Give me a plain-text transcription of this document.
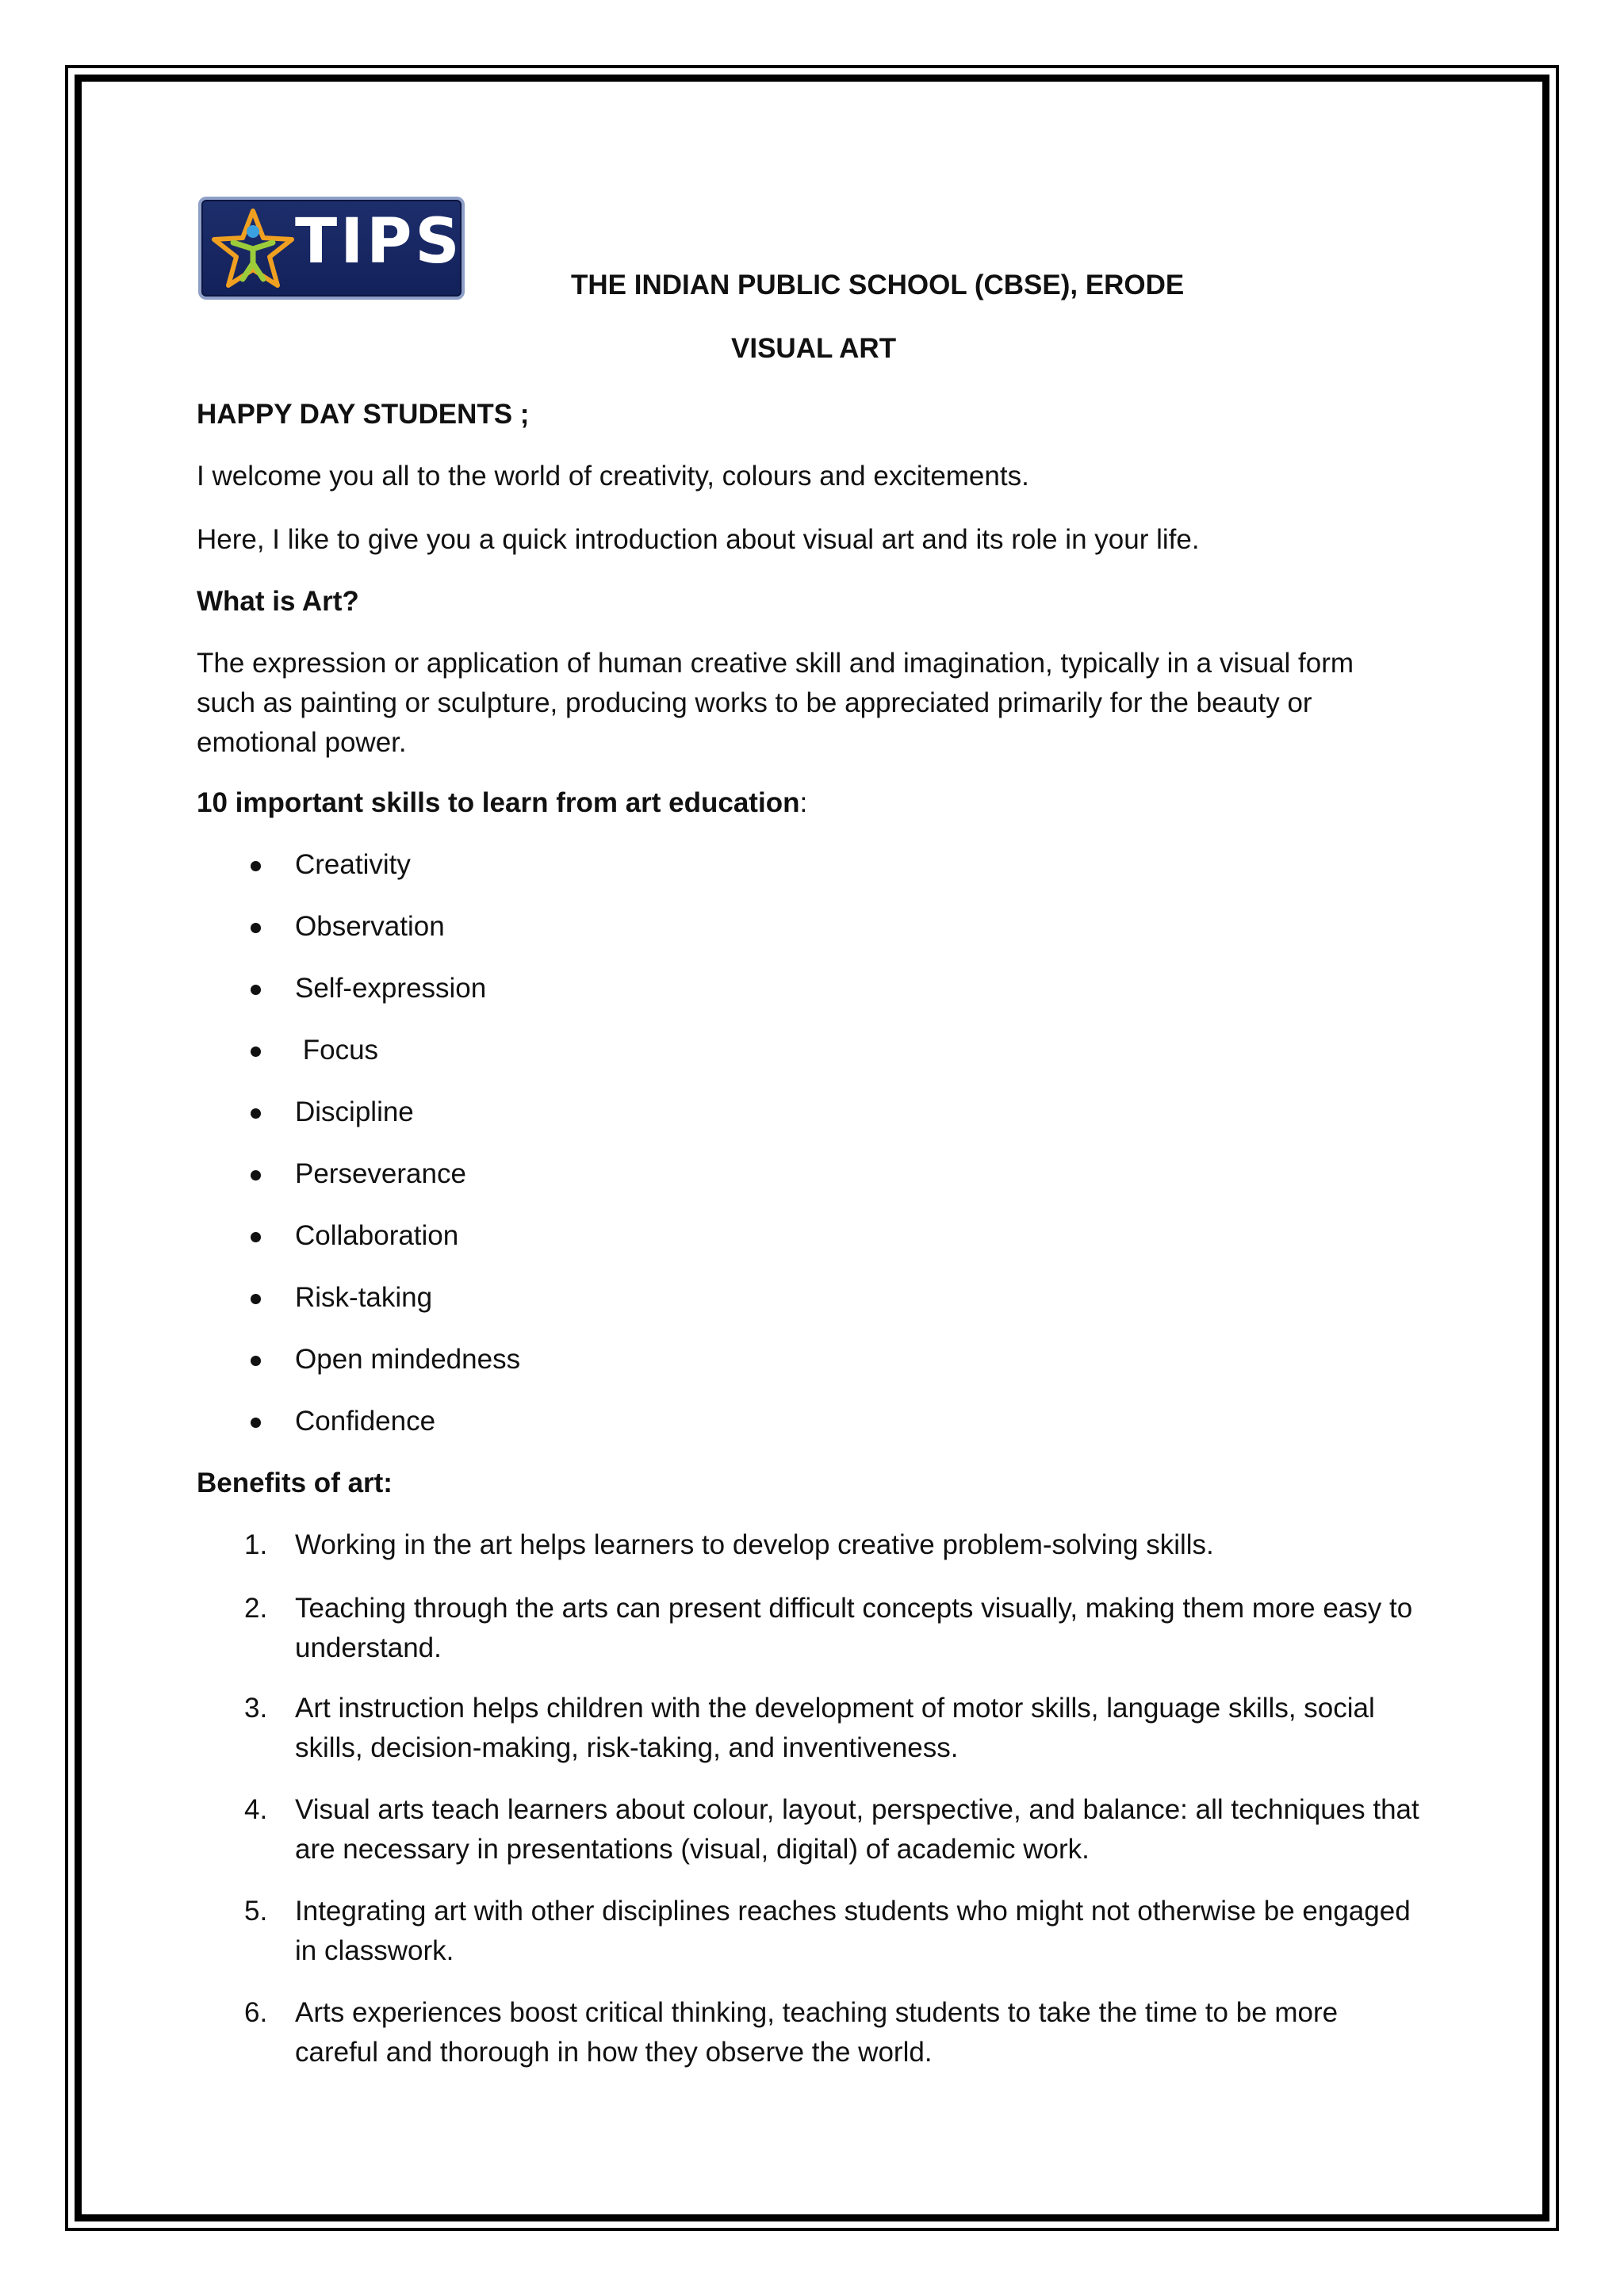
TIPS
THE INDIAN PUBLIC SCHOOL (CBSE), ERODE
VISUAL ART

HAPPY DAY STUDENTS ;

I welcome you all to the world of creativity, colours and excitements.

Here, I like to give you a quick introduction about visual art and its role in your life.

What is Art?

The expression or application of human creative skill and imagination, typically in a visual form such as painting or sculpture, producing works to be appreciated primarily for the beauty or emotional power.

10 important skills to learn from art education:

Creativity
Observation
Self-expression
Focus
Discipline
Perseverance
Collaboration
Risk-taking
Open mindedness
Confidence

Benefits of art:

1. Working in the art helps learners to develop creative problem-solving skills.
2. Teaching through the arts can present difficult concepts visually, making them more easy to understand.
3. Art instruction helps children with the development of motor skills, language skills, social skills, decision-making, risk-taking, and inventiveness.
4. Visual arts teach learners about colour, layout, perspective, and balance: all techniques that are necessary in presentations (visual, digital) of academic work.
5. Integrating art with other disciplines reaches students who might not otherwise be engaged in classwork.
6. Arts experiences boost critical thinking, teaching students to take the time to be more careful and thorough in how they observe the world.
